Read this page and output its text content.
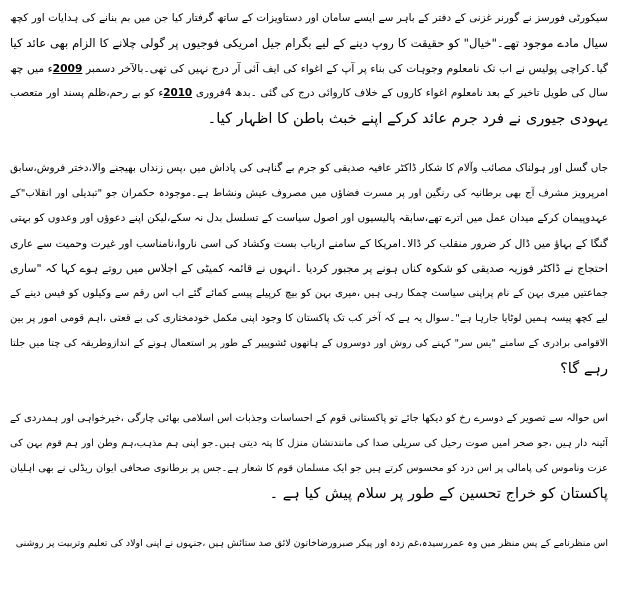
سیکورٹی فورسز نے گورنر غزنی کے دفتر کے باہر سے ایسے سامان اور دستاویزات کے ساتھ گرفتار کیا جن میں بم بنانے کی ہدایات اور کچھ
سیال مادے موجود تھے۔"خیال" کو حقیقت کا روپ دینے کے لیے بگرام جیل امریکی فوجیوں پر گولی چلانے کا الزام بھی عائد کیا
گیا۔کراچی پولیس نے اب تک نامعلوم وجوہات کی بناء پر آپ کے اغواء کی ایف آئی آر درج نہیں کی تھی۔بالآخر دسمبر 2009ء میں چھ
سال کی طویل تاخیر کے بعد نامعلوم اغواء کاروں کے خلاف کاروائی درج کی گئی ۔بدھ 4فروری 2010ء کو بے رحم،ظلم پسند اور متعصب
یہودی جیوری نے فرد جرم عائد کرکے اپنے خبث باطن کا اظہار کیا۔

جاں گسل اور ہولناک مصائب وآلام کا شکار ڈاکٹر عافیہ صدیقی کو جرم بے گناہی کی پاداش میں ،پس زنداں بھیجنے والا،دختر فروش،سابق
امرپرویز مشرف آج بھی برطانیہ کی رنگین اور پر مسرت فضاؤں میں مصروف عیش ونشاط ہے۔موجودہ حکمران جو "تبدیلی اور انقلاب"کے
عہدوپیمان کرکے میدان عمل میں اترے تھے،سابقہ پالیسیوں اور اصول سیاست کے تسلسل بدل نہ سکے،لیکن اپنے دعوؤں اور وعدوں کو بہتی
گنگا کے بہاؤ میں ڈال کر ضرور منقلب کر ڈالا۔امریکا کے سامنے ارباب بست وکشاد کی اسی ناروا،نامناسب اور غیرت وحمیت سے عاری
احتجاج نے ڈاکٹر فوزیہ صدیقی کو شکوہ کناں ہونے پر مجبور کردیا ۔انہوں نے قائمہ کمیٹی کے اجلاس میں روتے ہوے کہا کہ "ساری
جماعتیں میری بہن کے نام پراپنی سیاست چمکا رہی ہیں ،میری بہن کو بیچ کرپیلے پیسے کمائے گئے اب اس رقم سے وکیلوں کو فیس دینے کے
لیے کچھ پیسہ ہمیں لوٹایا جارہا ہے"۔سوال یہ ہے کہ آخر کب تک پاکستان کا وجود اپنی مکمل خودمختاری کی بے قعتی ،اہم قومی امور پر بین
الاقوامی برادری کے سامنے "یس سر" کہنے کی روش اور دوسروں کے ہاتھوں ٹشوپیپر کے طور پر استعمال ہونے کے اندازوطریقہ کی چتا میں جلتا
رہے گا؟

اس حوالہ سے تصویر کے دوسرے رخ کو دیکھا جائے تو پاکستانی قوم کے احساسات وجذبات اس اسلامی بھائی چارگی ،خیرخواہی اور ہمدردی کے
آئینہ دار ہیں ،جو صحر امیں صوت رحیل کی سریلی صدا کی مانندنشان منزل کا پتہ دیتی ہیں۔جو اپنی ہم مذہب،ہم وطن اور ہم قوم بہن کی
عزت وناموس کی پامالی پر اس درد کو محسوس کرتے ہیں جو ایک مسلمان قوم کا شعار ہے۔جس پر برطانوی صحافی ایوان ریڈلی نے بھی اہلیان
پاکستان کو خراج تحسین کے طور پر سلام پیش کیا ہے ۔

اس منظرنامے کے پس منظر میں وہ عمررسیدہ،غم زدہ اور پیکر صبرورضاخاتون لائق صد ستائش ہیں ،جنہوں نے اپنی اولاد کی تعلیم وتربیت پر روشنی
